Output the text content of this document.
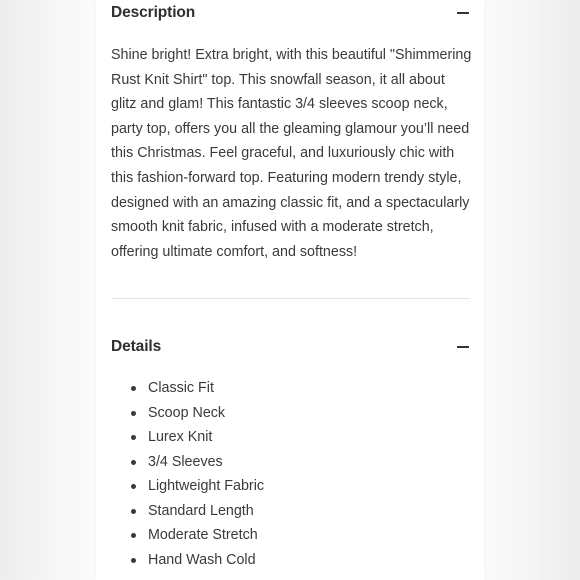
Description

Shine bright! Extra bright, with this beautiful "Shimmering Rust Knit Shirt" top. This snowfall season, it all about glitz and glam! This fantastic 3/4 sleeves scoop neck, party top, offers you all the gleaming glamour you’ll need this Christmas. Feel graceful, and luxuriously chic with this fashion-forward top. Featuring modern trendy style, designed with an amazing classic fit, and a spectacularly smooth knit fabric, infused with a moderate stretch, offering ultimate comfort, and softness!

Details
Classic Fit
Scoop Neck
Lurex Knit
3/4 Sleeves
Lightweight Fabric
Standard Length
Moderate Stretch
Hand Wash Cold
